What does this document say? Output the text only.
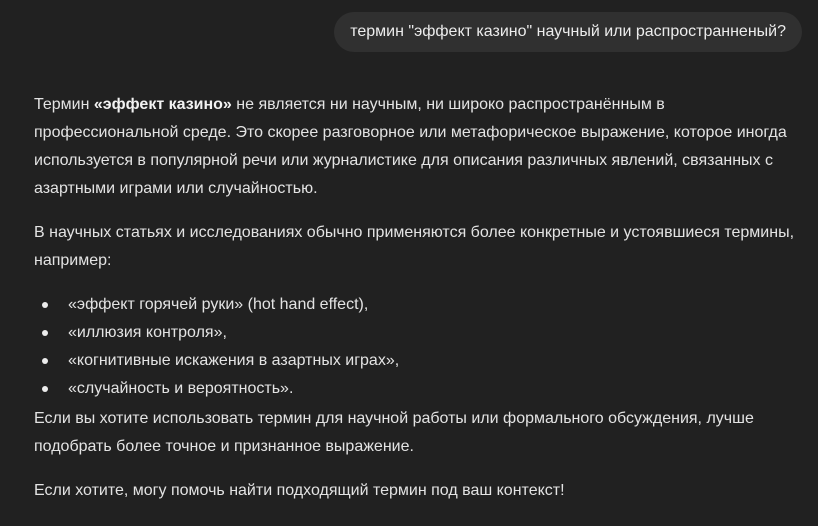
термин "эффект казино" научный или распространненый?

Термин «эффект казино» не является ни научным, ни широко распространённым в профессиональной среде. Это скорее разговорное или метафорическое выражение, которое иногда используется в популярной речи или журналистике для описания различных явлений, связанных с азартными играми или случайностью.

В научных статьях и исследованиях обычно применяются более конкретные и устоявшиеся термины, например:

«эффект горячей руки» (hot hand effect),
«иллюзия контроля»,
«когнитивные искажения в азартных играх»,
«случайность и вероятность».

Если вы хотите использовать термин для научной работы или формального обсуждения, лучше подобрать более точное и признанное выражение.

Если хотите, могу помочь найти подходящий термин под ваш контекст!
